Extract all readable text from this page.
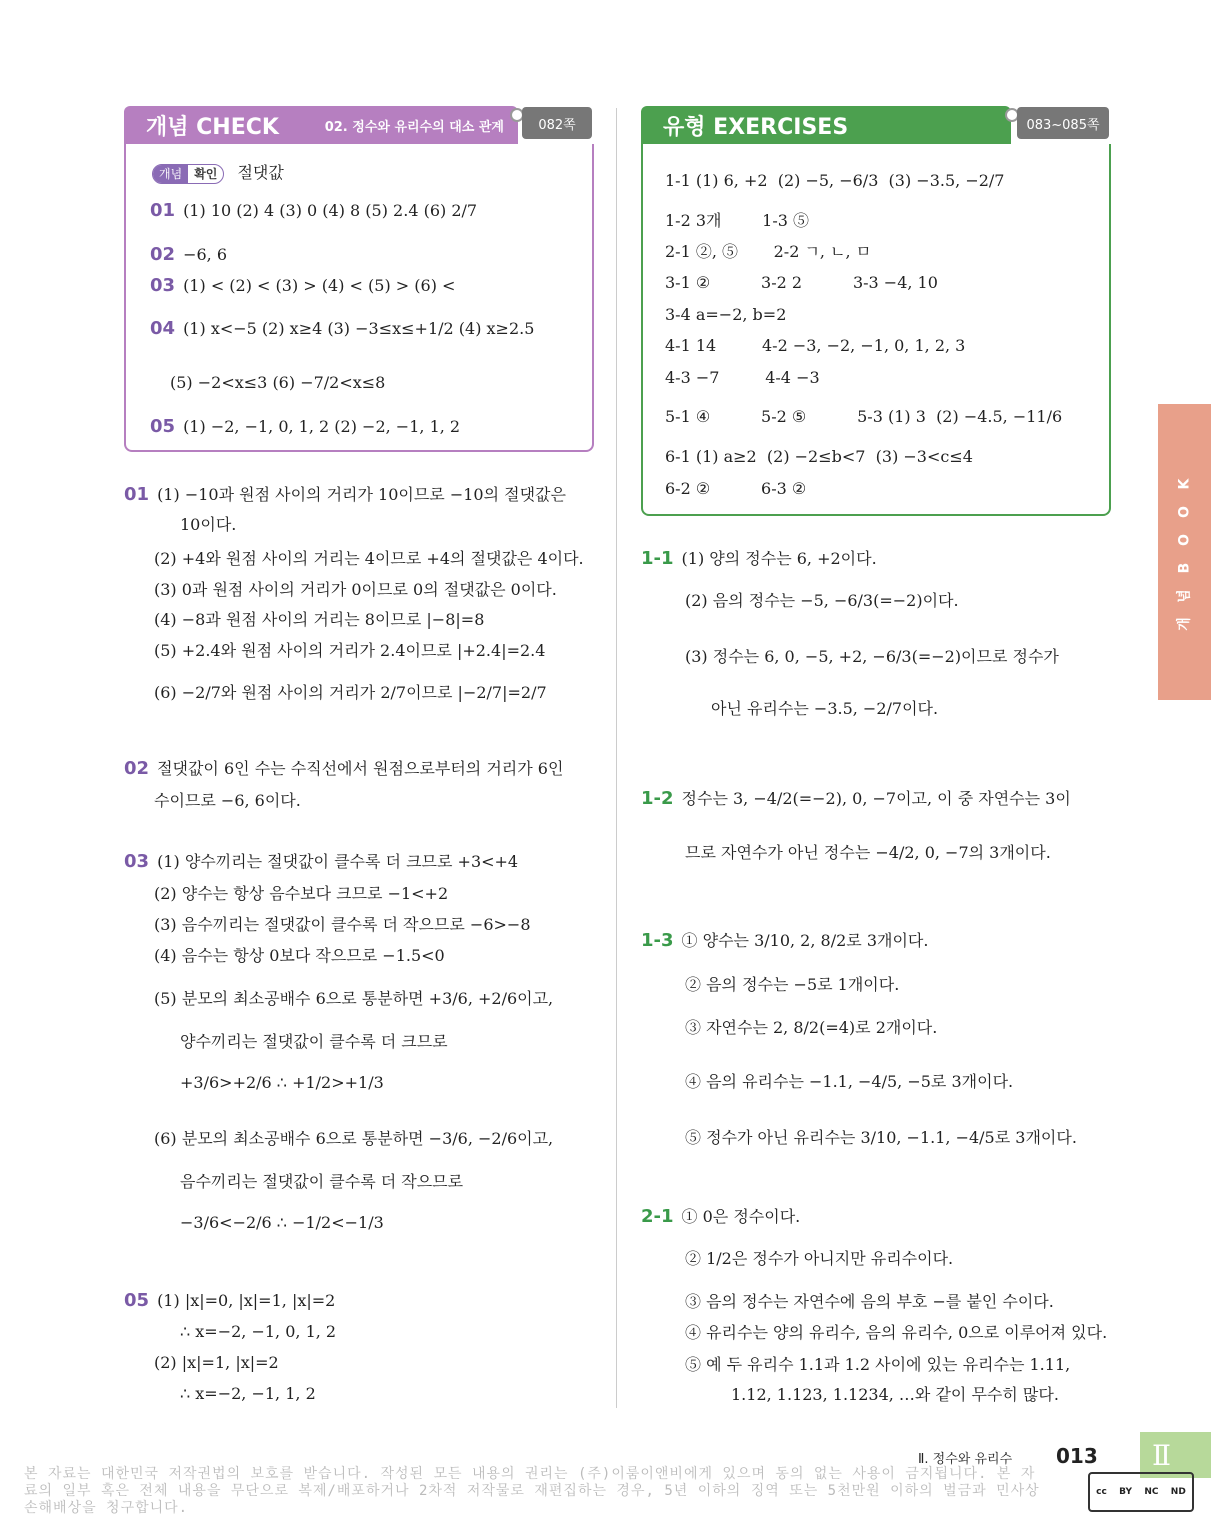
개념 CHECK	02. 정수와 유리수의 대소 관계	082쪽
개념	확인	절댓값
01 (1) 10 (2) 4 (3) 0 (4) 8 (5) 2.4 (6) 2/7
02 −6, 6
03 (1) < (2) < (3) > (4) < (5) > (6) <
04 (1) x<−5 (2) x≥4 (3) −3≤x≤+1/2 (4) x≥2.5
(5) −2<x≤3 (6) −7/2<x≤8
05 (1) −2, −1, 0, 1, 2 (2) −2, −1, 1, 2
유형 EXERCISES	083~085쪽
1-1 (1) 6, +2  (2) −5, −6/3  (3) −3.5, −2/7
1-2 3개        1-3 ⑤
2-1 ②, ⑤       2-2 ㄱ, ㄴ, ㅁ
3-1 ②          3-2 2          3-3 −4, 10
3-4 a=−2, b=2
4-1 14         4-2 −3, −2, −1, 0, 1, 2, 3
4-3 −7         4-4 −3
5-1 ④          5-2 ⑤          5-3 (1) 3  (2) −4.5, −11/6
6-1 (1) a≥2  (2) −2≤b<7  (3) −3<c≤4
6-2 ②          6-3 ②
01 (1) −10과 원점 사이의 거리가 10이므로 −10의 절댓값은
10이다.
(2) +4와 원점 사이의 거리는 4이므로 +4의 절댓값은 4이다.
(3) 0과 원점 사이의 거리가 0이므로 0의 절댓값은 0이다.
(4) −8과 원점 사이의 거리는 8이므로 |−8|=8
(5) +2.4와 원점 사이의 거리가 2.4이므로 |+2.4|=2.4
(6) −2/7와 원점 사이의 거리가 2/7이므로 |−2/7|=2/7
02 절댓값이 6인 수는 수직선에서 원점으로부터의 거리가 6인
수이므로 −6, 6이다.
03 (1) 양수끼리는 절댓값이 클수록 더 크므로 +3<+4
(2) 양수는 항상 음수보다 크므로 −1<+2
(3) 음수끼리는 절댓값이 클수록 더 작으므로 −6>−8
(4) 음수는 항상 0보다 작으므로 −1.5<0
(5) 분모의 최소공배수 6으로 통분하면 +3/6, +2/6이고,
양수끼리는 절댓값이 클수록 더 크므로
+3/6>+2/6 ∴ +1/2>+1/3
(6) 분모의 최소공배수 6으로 통분하면 −3/6, −2/6이고,
음수끼리는 절댓값이 클수록 더 작으므로
−3/6<−2/6 ∴ −1/2<−1/3
05 (1) |x|=0, |x|=1, |x|=2
∴ x=−2, −1, 0, 1, 2
(2) |x|=1, |x|=2
∴ x=−2, −1, 1, 2
1-1 (1) 양의 정수는 6, +2이다.
(2) 음의 정수는 −5, −6/3(=−2)이다.
(3) 정수는 6, 0, −5, +2, −6/3(=−2)이므로 정수가
아닌 유리수는 −3.5, −2/7이다.
1-2 정수는 3, −4/2(=−2), 0, −7이고, 이 중 자연수는 3이
므로 자연수가 아닌 정수는 −4/2, 0, −7의 3개이다.
1-3 ① 양수는 3/10, 2, 8/2로 3개이다.
② 음의 정수는 −5로 1개이다.
③ 자연수는 2, 8/2(=4)로 2개이다.
④ 음의 유리수는 −1.1, −4/5, −5로 3개이다.
⑤ 정수가 아닌 유리수는 3/10, −1.1, −4/5로 3개이다.
2-1 ① 0은 정수이다.
② 1/2은 정수가 아니지만 유리수이다.
③ 음의 정수는 자연수에 음의 부호 −를 붙인 수이다.
④ 유리수는 양의 유리수, 음의 유리수, 0으로 이루어져 있다.
⑤ 예 두 유리수 1.1과 1.2 사이에 있는 유리수는 1.11,
1.12, 1.123, 1.1234, …와 같이 무수히 많다.
K
O
O
B
념
개
Ⅱ. 정수와 유리수 013	Ⅱ
본 자료는 대한민국 저작권법의 보호를 받습니다. 작성된 모든 내용의 권리는 (주)이룸이앤비에게 있으며 동의 없는 사용이 금지됩니다. 본 자료의 일부 혹은 전체 내용을 무단으로 복제/배포하거나 2차적 저작물로 재편집하는 경우, 5년 이하의 징역 또는 5천만원 이하의 벌금과 민사상 손해배상을 청구합니다.
cc BY NC ND
